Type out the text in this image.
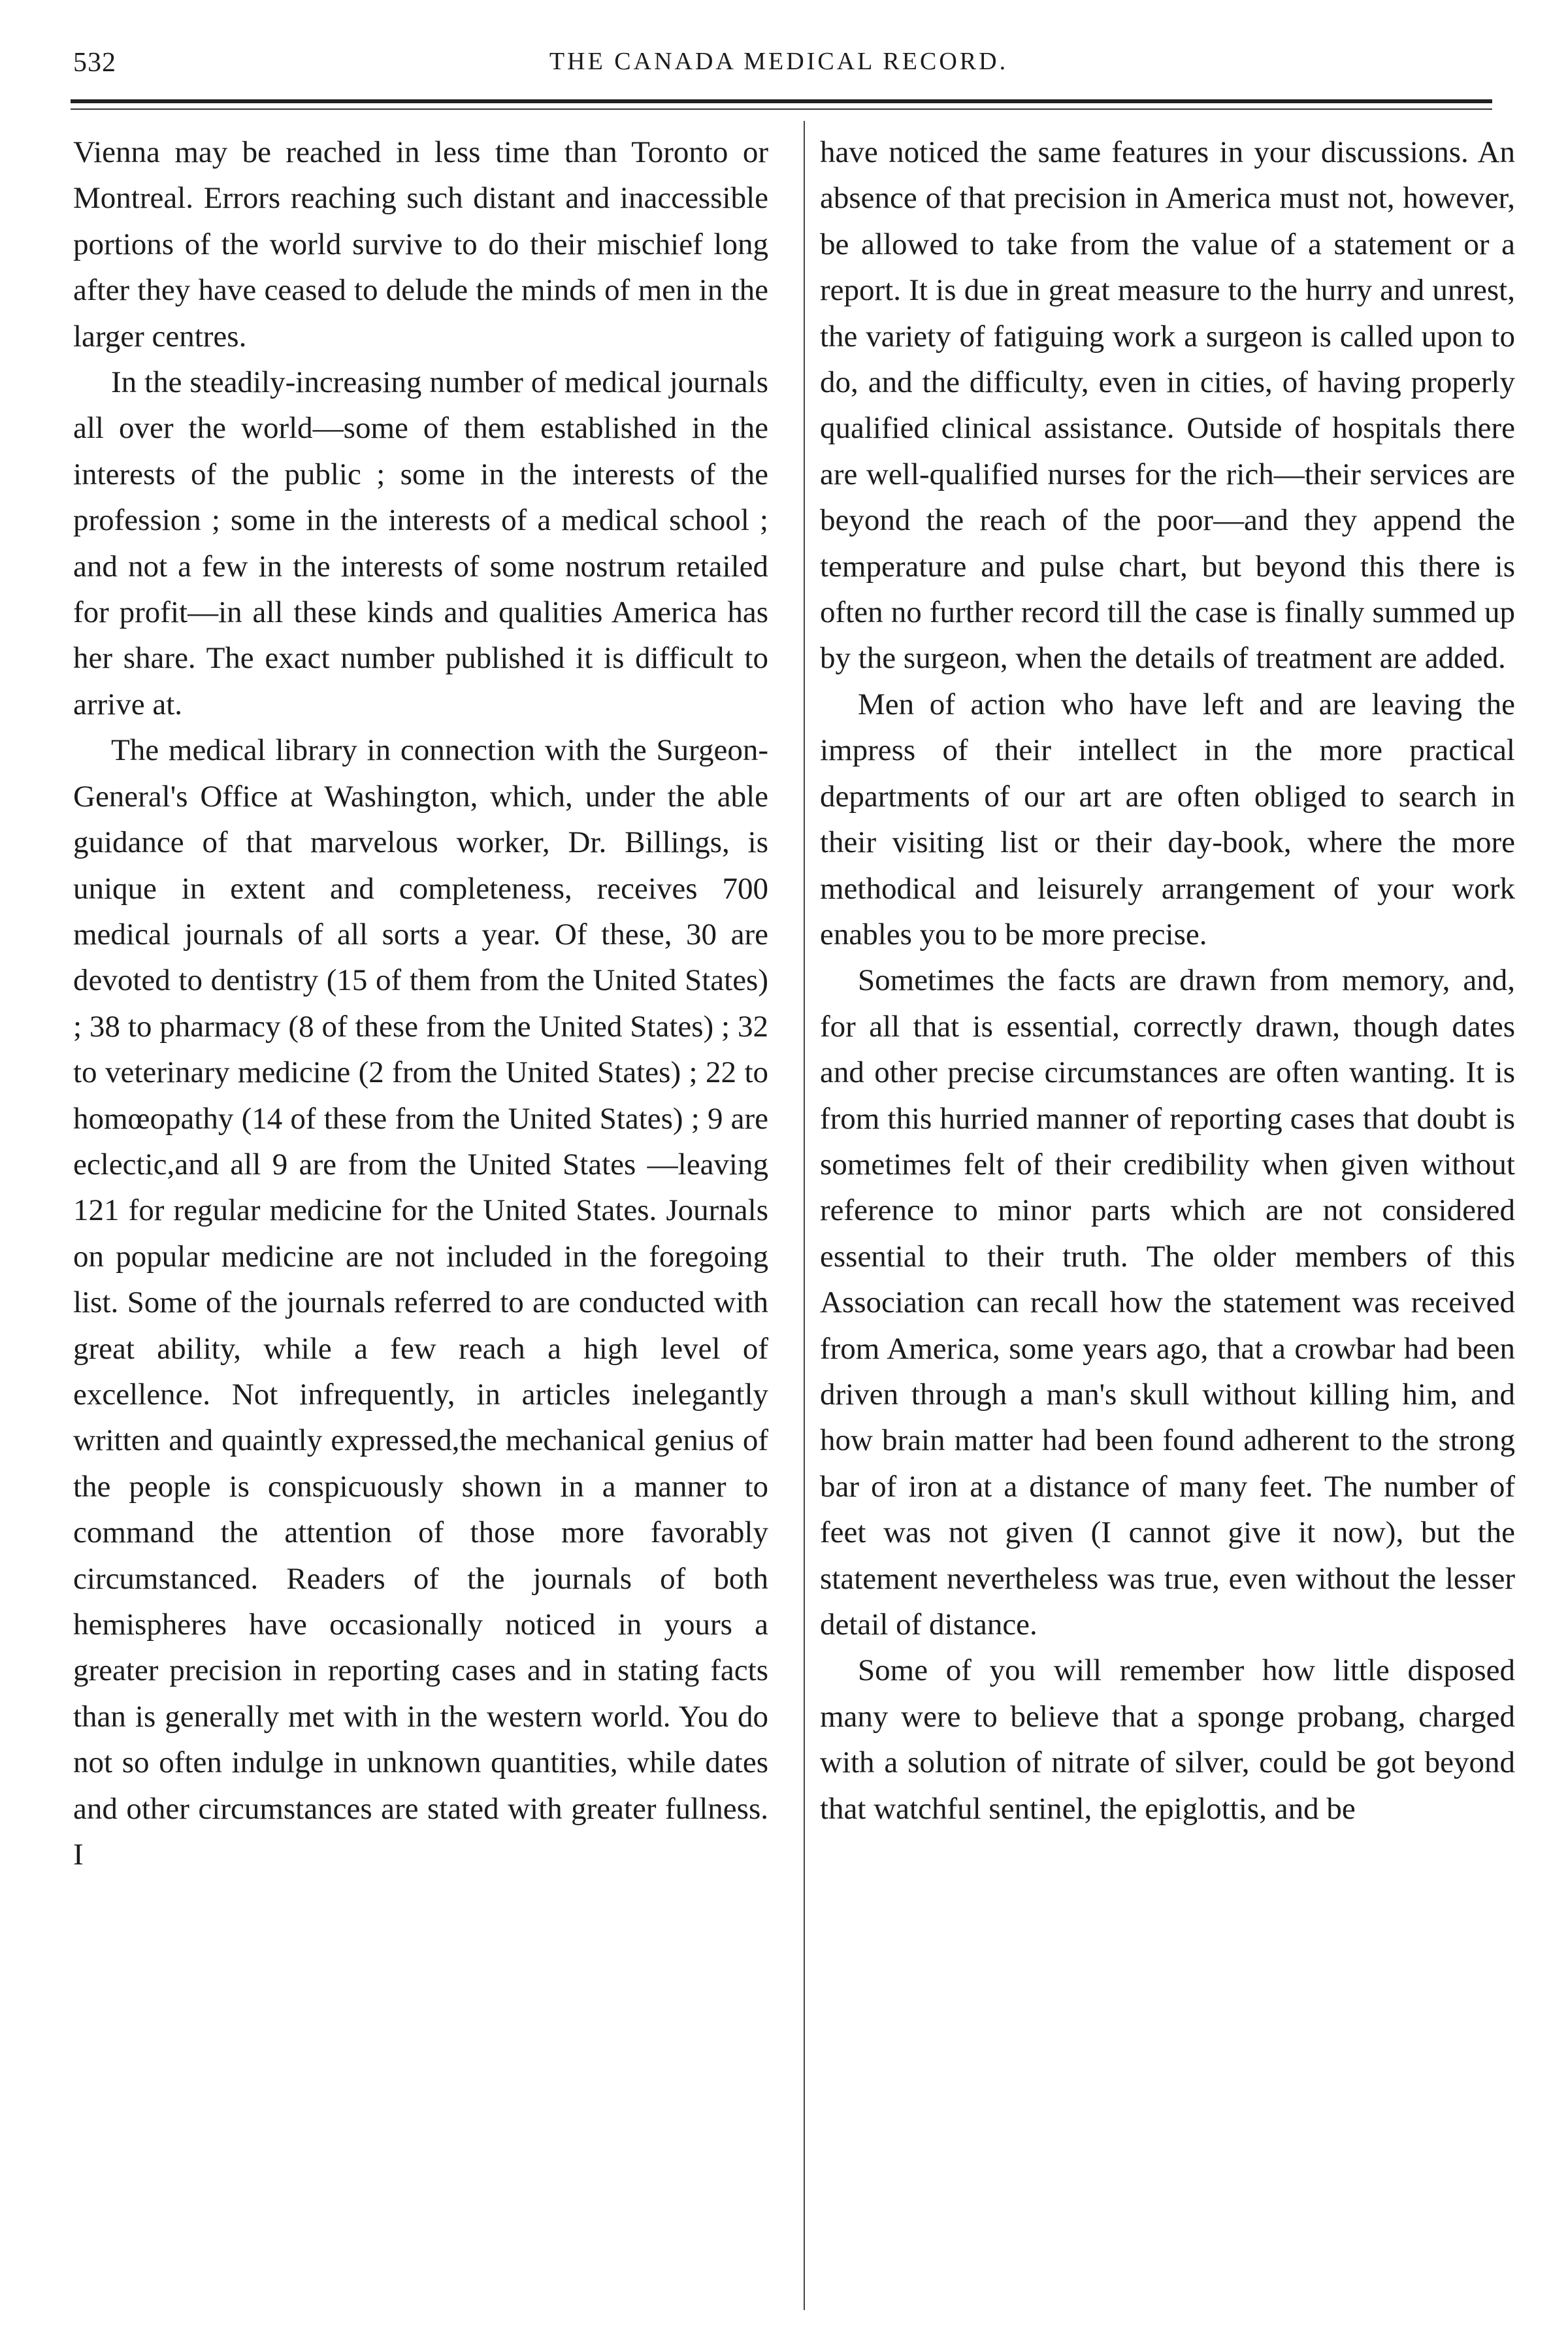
532	THE CANADA MEDICAL RECORD.

Vienna may be reached in less time than Toronto or Montreal. Errors reaching such distant and inaccessible portions of the world survive to do their mischief long after they have ceased to delude the minds of men in the larger centres.

In the steadily-increasing number of medical journals all over the world—some of them established in the interests of the public ; some in the interests of the profession ; some in the interests of a medical school ; and not a few in the interests of some nostrum retailed for profit—in all these kinds and qualities America has her share. The exact number published it is difficult to arrive at.

The medical library in connection with the Surgeon-General's Office at Washington, which, under the able guidance of that marvelous worker, Dr. Billings, is unique in extent and completeness, receives 700 medical journals of all sorts a year. Of these, 30 are devoted to dentistry (15 of them from the United States) ; 38 to pharmacy (8 of these from the United States) ; 32 to veterinary medicine (2 from the United States) ; 22 to homœopathy (14 of these from the United States) ; 9 are eclectic,and all 9 are from the United States —leaving 121 for regular medicine for the United States. Journals on popular medicine are not included in the foregoing list. Some of the journals referred to are conducted with great ability, while a few reach a high level of excellence. Not infrequently, in articles inelegantly written and quaintly expressed,the mechanical genius of the people is conspicuously shown in a manner to command the attention of those more favorably circumstanced. Readers of the journals of both hemispheres have occasionally noticed in yours a greater precision in reporting cases and in stating facts than is generally met with in the western world. You do not so often indulge in unknown quantities, while dates and other circumstances are stated with greater fullness. I

have noticed the same features in your discussions. An absence of that precision in America must not, however, be allowed to take from the value of a statement or a report. It is due in great measure to the hurry and unrest, the variety of fatiguing work a surgeon is called upon to do, and the difficulty, even in cities, of having properly qualified clinical assistance. Outside of hospitals there are well-qualified nurses for the rich—their services are beyond the reach of the poor—and they append the temperature and pulse chart, but beyond this there is often no further record till the case is finally summed up by the surgeon, when the details of treatment are added.

Men of action who have left and are leaving the impress of their intellect in the more practical departments of our art are often obliged to search in their visiting list or their day-book, where the more methodical and leisurely arrangement of your work enables you to be more precise.

Sometimes the facts are drawn from memory, and, for all that is essential, correctly drawn, though dates and other precise circumstances are often wanting. It is from this hurried manner of reporting cases that doubt is sometimes felt of their credibility when given without reference to minor parts which are not considered essential to their truth. The older members of this Association can recall how the statement was received from America, some years ago, that a crowbar had been driven through a man's skull without killing him, and how brain matter had been found adherent to the strong bar of iron at a distance of many feet. The number of feet was not given (I cannot give it now), but the statement nevertheless was true, even without the lesser detail of distance.

Some of you will remember how little disposed many were to believe that a sponge probang, charged with a solution of nitrate of silver, could be got beyond that watchful sentinel, the epiglottis, and be
